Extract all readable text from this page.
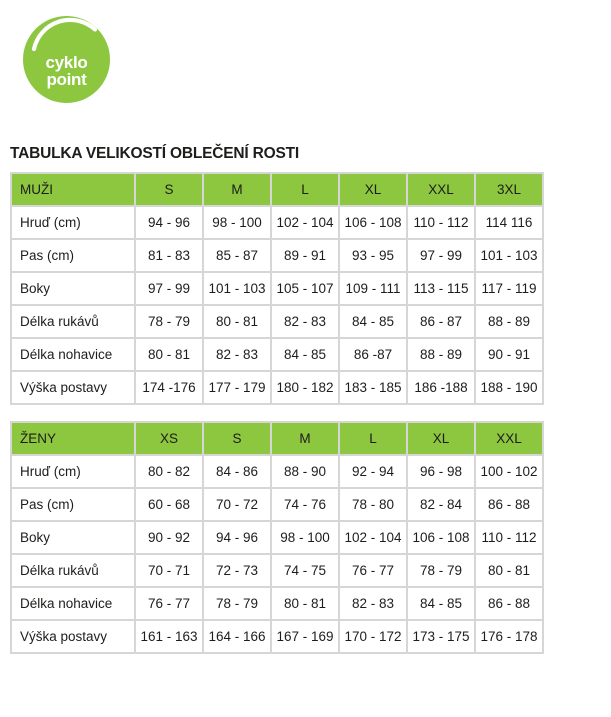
cyklo
point
TABULKA VELIKOSTÍ OBLEČENÍ ROSTI
MUŽI	S	M	L	XL	XXL	3XL
Hruď (cm)	94 - 96	98 - 100	102 - 104	106 - 108	110 - 112	114 116
Pas (cm)	81 - 83	85 - 87	89 - 91	93 - 95	97 - 99	101 - 103
Boky	97 - 99	101 - 103	105 - 107	109 - 111	113 - 115	117 - 119
Délka rukávů	78 - 79	80 - 81	82 - 83	84 - 85	86 - 87	88 - 89
Délka nohavice	80 - 81	82 - 83	84 - 85	86 -87	88 - 89	90 - 91
Výška postavy	174 -176	177 - 179	180 - 182	183 - 185	186 -188	188 - 190
ŽENY	XS	S	M	L	XL	XXL
Hruď (cm)	80 - 82	84 - 86	88 - 90	92 - 94	96 - 98	100 - 102
Pas (cm)	60 - 68	70 - 72	74 - 76	78 - 80	82 - 84	86 - 88
Boky	90 - 92	94 - 96	98 - 100	102 - 104	106 - 108	110 - 112
Délka rukávů	70 - 71	72 - 73	74 - 75	76 - 77	78 - 79	80 - 81
Délka nohavice	76 - 77	78 - 79	80 - 81	82 - 83	84 - 85	86 - 88
Výška postavy	161 - 163	164 - 166	167 - 169	170 - 172	173 - 175	176 - 178
